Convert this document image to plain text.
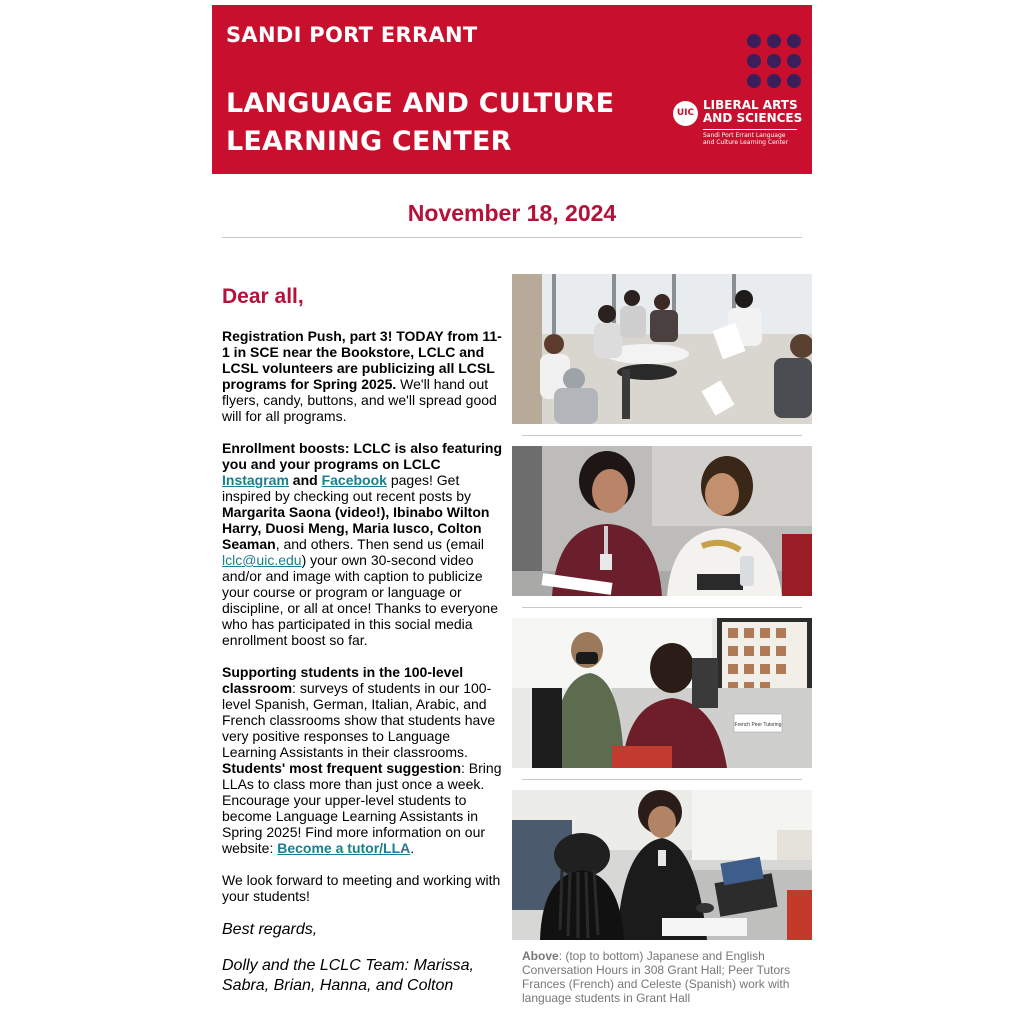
SANDI PORT ERRANT
LANGUAGE AND CULTURE
LEARNING CENTER
UIC
LIBERAL ARTS
AND SCIENCES
Sandi Port Errant Language
and Culture Learning Center
November 18, 2024
Dear all,

Registration Push, part 3! TODAY from 11-1 in SCE near the Bookstore, LCLC and LCSL volunteers are publicizing all LCSL programs for Spring 2025. We'll hand out flyers, candy, buttons, and we'll spread good will for all programs.

Enrollment boosts: LCLC is also featuring you and your programs on LCLC Instagram and Facebook pages! Get inspired by checking out recent posts by Margarita Saona (video!), Ibinabo Wilton Harry, Duosi Meng, Maria Iusco, Colton Seaman, and others. Then send us (email lclc@uic.edu) your own 30-second video and/or and image with caption to publicize your course or program or language or discipline, or all at once! Thanks to everyone who has participated in this social media enrollment boost so far.

Supporting students in the 100-level classroom: surveys of students in our 100-level Spanish, German, Italian, Arabic, and French classrooms show that students have very positive responses to Language Learning Assistants in their classrooms. Students' most frequent suggestion: Bring LLAs to class more than just once a week. Encourage your upper-level students to become Language Learning Assistants in Spring 2025! Find more information on our website: Become a tutor/LLA.

We look forward to meeting and working with your students!

Best regards,
Dolly and the LCLC Team: Marissa, Sabra, Brian, Hanna, and Colton
French Peer Tutoring
Above: (top to bottom) Japanese and English Conversation Hours in 308 Grant Hall; Peer Tutors Frances (French) and Celeste (Spanish) work with language students in Grant Hall
